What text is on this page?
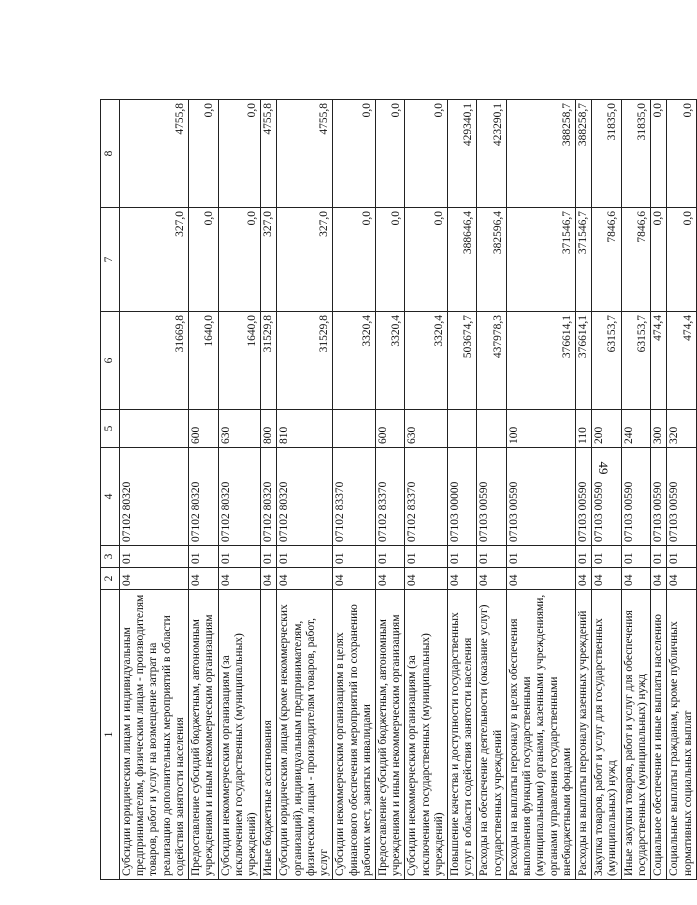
49
1	2	3	4	5	6	7	8
Субсидии юридическим лицам и индивидуальным предпринимателям, физическим лицам - производителям товаров, работ и услуг на возмещение затрат на реализацию дополнительных мероприятий в области содействия занятости населения	04	01	07102 80320		31669,8	327,0	4755,8
Предоставление субсидий бюджетным, автономным учреждениям и иным некоммерческим организациям	04	01	07102 80320	600	1640,0	0,0	0,0
Субсидии некоммерческим организациям (за исключением государственных (муниципальных) учреждений)	04	01	07102 80320	630	1640,0	0,0	0,0
Иные бюджетные ассигнования	04	01	07102 80320	800	31529,8	327,0	4755,8
Субсидии юридическим лицам (кроме некоммерческих организаций), индивидуальным предпринимателям, физическим лицам - производителям товаров, работ, услуг	04	01	07102 80320	810	31529,8	327,0	4755,8
Субсидии некоммерческим организациям в целях финансового обеспечения мероприятий по сохранению рабочих мест, занятых инвалидами	04	01	07102 83370		3320,4	0,0	0,0
Предоставление субсидий бюджетным, автономным учреждениям и иным некоммерческим организациям	04	01	07102 83370	600	3320,4	0,0	0,0
Субсидии некоммерческим организациям (за исключением государственных (муниципальных) учреждений)	04	01	07102 83370	630	3320,4	0,0	0,0
Повышение качества и доступности государственных услуг в области содействия занятости населения	04	01	07103 00000		503674,7	388646,4	429340,1
Расходы на обеспечение деятельности (оказание услуг) государственных учреждений	04	01	07103 00590		437978,3	382596,4	423290,1
Расходы на выплаты персоналу в целях обеспечения выполнения функций государственными (муниципальными) органами, казенными учреждениями, органами управления государственными внебюджетными фондами	04	01	07103 00590	100	376614,1	371546,7	388258,7
Расходы на выплаты персоналу казенных учреждений	04	01	07103 00590	110	376614,1	371546,7	388258,7
Закупка товаров, работ и услуг для государственных (муниципальных) нужд	04	01	07103 00590	200	63153,7	7846,6	31835,0
Иные закупки товаров, работ и услуг для обеспечения государственных (муниципальных) нужд	04	01	07103 00590	240	63153,7	7846,6	31835,0
Социальное обеспечение и иные выплаты населению	04	01	07103 00590	300	474,4	0,0	0,0
Социальные выплаты гражданам, кроме публичных нормативных социальных выплат	04	01	07103 00590	320	474,4	0,0	0,0
